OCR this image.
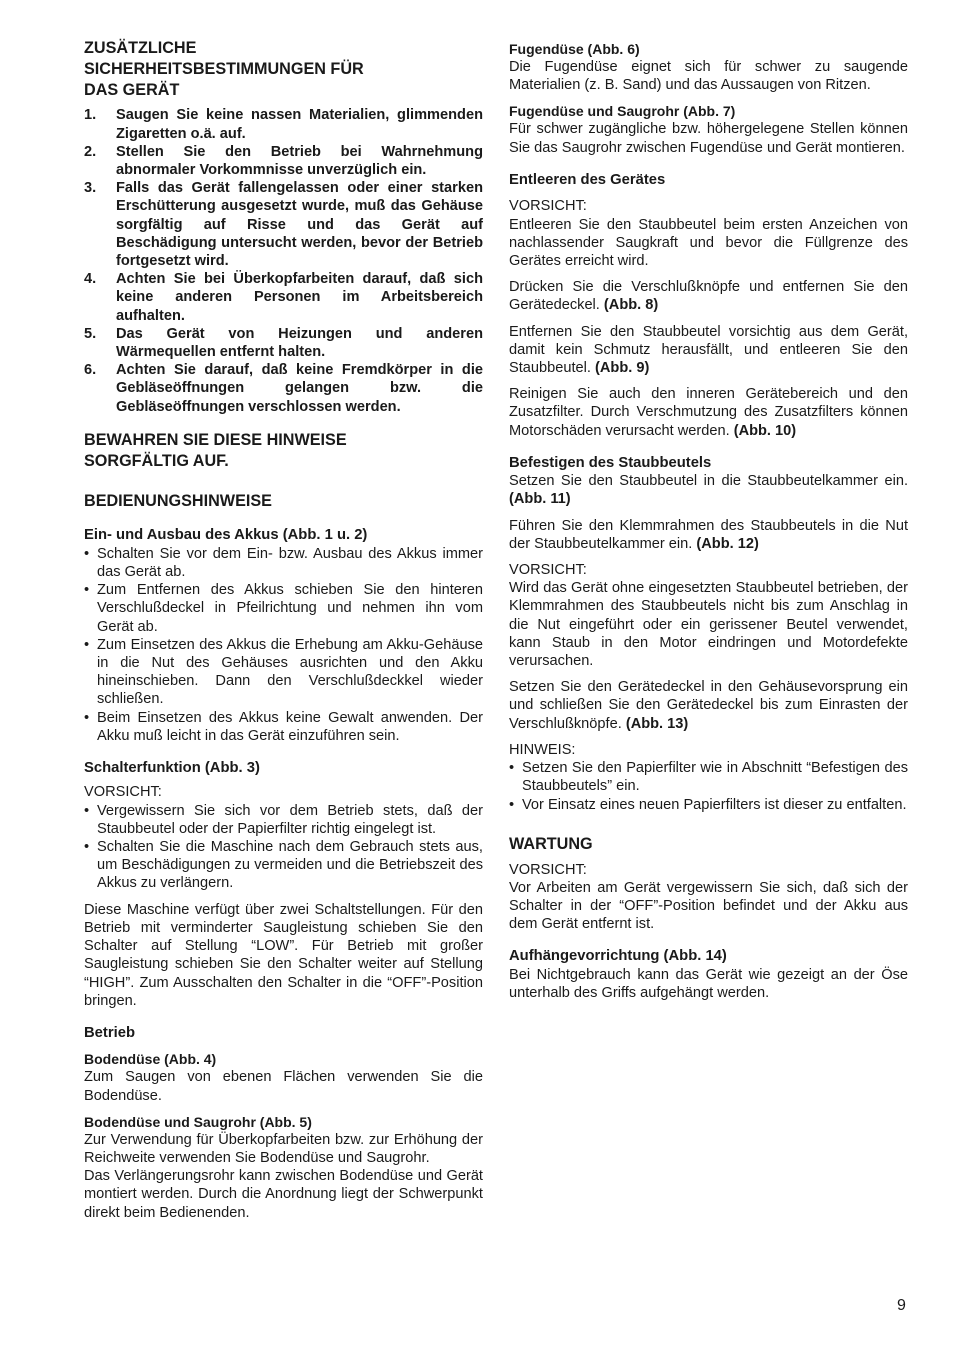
ZUSÄTZLICHE SICHERHEITSBESTIMMUNGEN FÜR DAS GERÄT
1. Saugen Sie keine nassen Materialien, glimmenden Zigaretten o.ä. auf.
2. Stellen Sie den Betrieb bei Wahrnehmung abnormaler Vorkommnisse unverzüglich ein.
3. Falls das Gerät fallengelassen oder einer starken Erschütterung ausgesetzt wurde, muß das Gehäuse sorgfältig auf Risse und das Gerät auf Beschädigung untersucht werden, bevor der Betrieb fortgesetzt wird.
4. Achten Sie bei Überkopfarbeiten darauf, daß sich keine anderen Personen im Arbeitsbereich aufhalten.
5. Das Gerät von Heizungen und anderen Wärmequellen entfernt halten.
6. Achten Sie darauf, daß keine Fremdkörper in die Gebläseöffnungen gelangen bzw. die Gebläseöffnungen verschlossen werden.
BEWAHREN SIE DIESE HINWEISE SORGFÄLTIG AUF.
BEDIENUNGSHINWEISE
Ein- und Ausbau des Akkus (Abb. 1 u. 2)
• Schalten Sie vor dem Ein- bzw. Ausbau des Akkus immer das Gerät ab.
• Zum Entfernen des Akkus schieben Sie den hinteren Verschlußdeckel in Pfeilrichtung und nehmen ihn vom Gerät ab.
• Zum Einsetzen des Akkus die Erhebung am Akku-Gehäuse in die Nut des Gehäuses ausrichten und den Akku hineinschieben. Dann den Verschlußdeckkel wieder schließen.
• Beim Einsetzen des Akkus keine Gewalt anwenden. Der Akku muß leicht in das Gerät einzuführen sein.
Schalterfunktion (Abb. 3)

VORSICHT:

• Vergewissern Sie sich vor dem Betrieb stets, daß der Staubbeutel oder der Papierfilter richtig eingelegt ist.
• Schalten Sie die Maschine nach dem Gebrauch stets aus, um Beschädigungen zu vermeiden und die Betriebszeit des Akkus zu verlängern.

Diese Maschine verfügt über zwei Schaltstellungen. Für den Betrieb mit verminderter Saugleistung schieben Sie den Schalter auf Stellung “LOW”. Für Betrieb mit großer Saugleistung schieben Sie den Schalter weiter auf Stellung “HIGH”. Zum Ausschalten den Schalter in die “OFF”-Position bringen.

Betrieb
Bodendüse (Abb. 4)

Zum Saugen von ebenen Flächen verwenden Sie die Bodendüse.

Bodendüse und Saugrohr (Abb. 5)

Zur Verwendung für Überkopfarbeiten bzw. zur Erhöhung der Reichweite verwenden Sie Bodendüse und Saugrohr.

Das Verlängerungsrohr kann zwischen Bodendüse und Gerät montiert werden. Durch die Anordnung liegt der Schwerpunkt direkt beim Bedienenden.

Fugendüse (Abb. 6)

Die Fugendüse eignet sich für schwer zu saugende Materialien (z. B. Sand) und das Aussaugen von Ritzen.

Fugendüse und Saugrohr (Abb. 7)

Für schwer zugängliche bzw. höhergelegene Stellen können Sie das Saugrohr zwischen Fugendüse und Gerät montieren.

Entleeren des Gerätes

VORSICHT:

Entleeren Sie den Staubbeutel beim ersten Anzeichen von nachlassender Saugkraft und bevor die Füllgrenze des Gerätes erreicht wird.

Drücken Sie die Verschlußknöpfe und entfernen Sie den Gerätedeckel. (Abb. 8)

Entfernen Sie den Staubbeutel vorsichtig aus dem Gerät, damit kein Schmutz herausfällt, und entleeren Sie den Staubbeutel. (Abb. 9)

Reinigen Sie auch den inneren Gerätebereich und den Zusatzfilter. Durch Verschmutzung des Zusatzfilters können Motorschäden verursacht werden. (Abb. 10)

Befestigen des Staubbeutels

Setzen Sie den Staubbeutel in die Staubbeutelkammer ein. (Abb. 11)

Führen Sie den Klemmrahmen des Staubbeutels in die Nut der Staubbeutelkammer ein. (Abb. 12)

VORSICHT:

Wird das Gerät ohne eingesetzten Staubbeutel betrieben, der Klemmrahmen des Staubbeutels nicht bis zum Anschlag in die Nut eingeführt oder ein gerissener Beutel verwendet, kann Staub in den Motor eindringen und Motordefekte verursachen.

Setzen Sie den Gerätedeckel in den Gehäusevorsprung ein und schließen Sie den Gerätedeckel bis zum Einrasten der Verschlußknöpfe. (Abb. 13)

HINWEIS:

• Setzen Sie den Papierfilter wie in Abschnitt “Befestigen des Staubbeutels” ein.
• Vor Einsatz eines neuen Papierfilters ist dieser zu entfalten.
WARTUNG

VORSICHT:

Vor Arbeiten am Gerät vergewissern Sie sich, daß sich der Schalter in der “OFF”-Position befindet und der Akku aus dem Gerät entfernt ist.

Aufhängevorrichtung (Abb. 14)

Bei Nichtgebrauch kann das Gerät wie gezeigt an der Öse unterhalb des Griffs aufgehängt werden.

9
